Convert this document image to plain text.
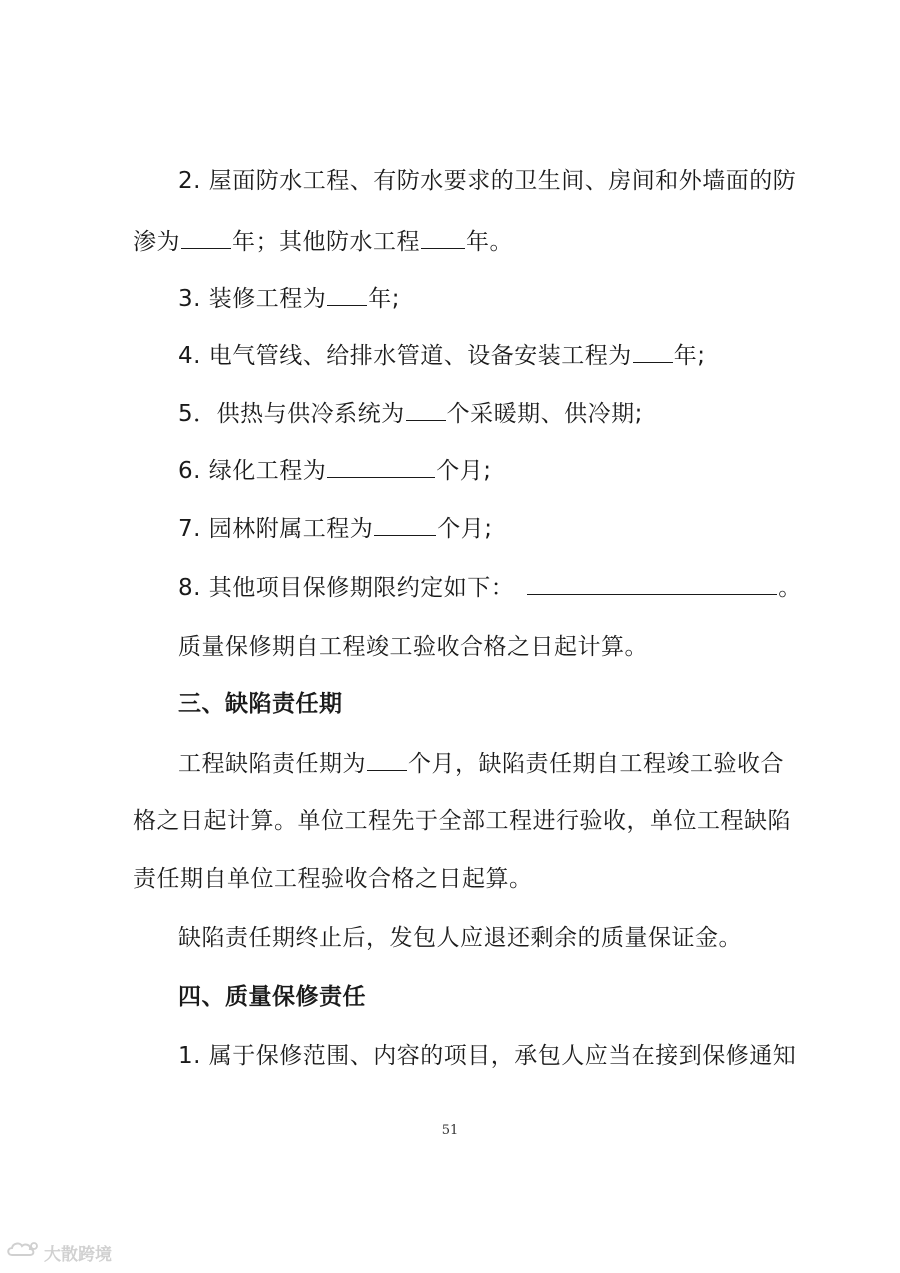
2. 屋面防水工程、有防水要求的卫生间、房间和外墙面的防
渗为 年；其他防水工程 年。
3. 装修工程为 年;
4. 电气管线、给排水管道、设备安装工程为 年;
5．供热与供冷系统为 个采暖期、供冷期;
6. 绿化工程为	个月;
7. 园林附属工程为	个月;
8. 其他项目保修期限约定如下：	。
质量保修期自工程竣工验收合格之日起计算。
三、缺陷责任期
工程缺陷责任期为 个月，缺陷责任期自工程竣工验收合
格之日起计算。单位工程先于全部工程进行验收，单位工程缺陷
责任期自单位工程验收合格之日起算。
缺陷责任期终止后，发包人应退还剩余的质量保证金。
四、质量保修责任
1. 属于保修范围、内容的项目，承包人应当在接到保修通知
51
大散跨境
